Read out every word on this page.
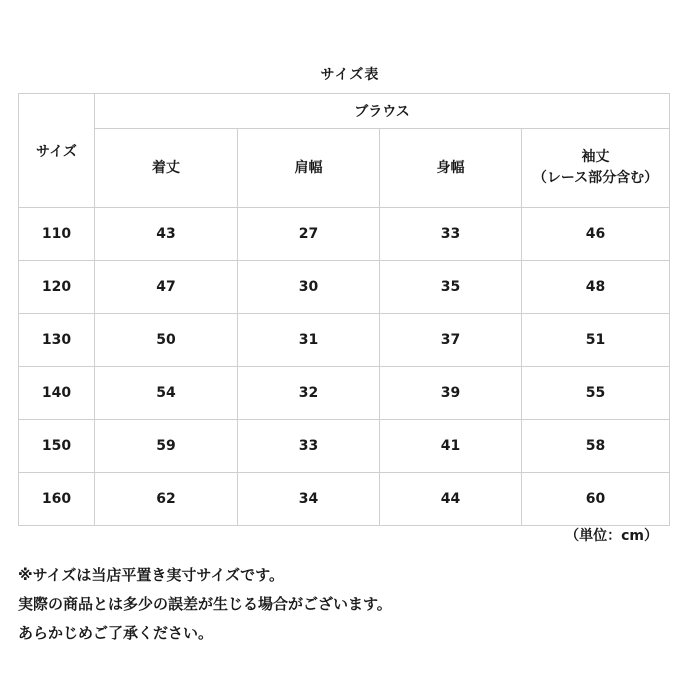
サイズ表
サイズ	ブラウス			
	着丈	肩幅	身幅	袖丈
（レース部分含む）
110	43	27	33	46
120	47	30	35	48
130	50	31	37	51
140	54	32	39	55
150	59	33	41	58
160	62	34	44	60
（単位：cm）
※サイズは当店平置き実寸サイズです。
実際の商品とは多少の誤差が生じる場合がございます。
あらかじめご了承ください。
